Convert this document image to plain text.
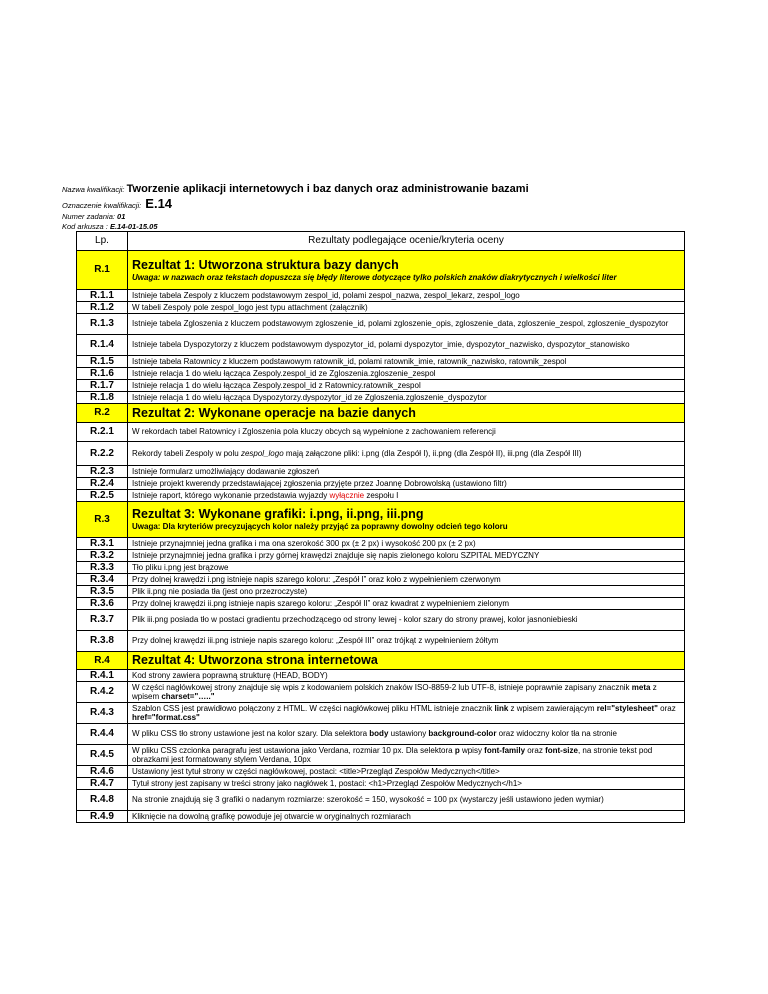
Nazwa kwalifikacji: Tworzenie aplikacji internetowych i baz danych oraz administrowanie bazami
Oznaczenie kwalifikacji: E.14
Numer zadania: 01
Kod arkusza : E.14-01-15.05
Lp.	Rezultaty podlegające ocenie/kryteria oceny
R.1	Rezultat 1: Utworzona struktura bazy danych
Uwaga: w nazwach oraz tekstach dopuszcza się błędy literowe dotyczące tylko polskich znaków diakrytycznych i wielkości liter

R.1.1	Istnieje tabela Zespoly z kluczem podstawowym zespol_id, polami zespol_nazwa, zespol_lekarz, zespol_logo
R.1.2	W tabeli Zespoly pole zespol_logo jest typu attachment (załącznik)
R.1.3	Istnieje tabela Zgloszenia z kluczem podstawowym zgloszenie_id, polami zgloszenie_opis, zgloszenie_data, zgloszenie_zespol, zgloszenie_dyspozytor
R.1.4	Istnieje tabela Dyspozytorzy z kluczem podstawowym dyspozytor_id, polami dyspozytor_imie, dyspozytor_nazwisko, dyspozytor_stanowisko
R.1.5	Istnieje tabela Ratownicy z kluczem podstawowym ratownik_id, polami ratownik_imie, ratownik_nazwisko, ratownik_zespol
R.1.6	Istnieje relacja 1 do wielu łącząca Zespoly.zespol_id ze Zgloszenia.zgloszenie_zespol
R.1.7	Istnieje relacja 1 do wielu łącząca Zespoly.zespol_id z Ratownicy.ratownik_zespol
R.1.8	Istnieje relacja 1 do wielu łącząca Dyspozytorzy.dyspozytor_id ze Zgloszenia.zgloszenie_dyspozytor
R.2	Rezultat 2: Wykonane operacje na bazie danych

R.2.1	W rekordach tabel Ratownicy i Zgloszenia pola kluczy obcych są wypełnione z zachowaniem referencji
R.2.2	Rekordy tabeli Zespoly w polu zespol_logo mają załączone pliki: i.png (dla Zespół I), ii.png (dla Zespół II), iii.png (dla Zespół III)
R.2.3	Istnieje formularz umożliwiający dodawanie zgłoszeń
R.2.4	Istnieje projekt kwerendy przedstawiającej zgłoszenia przyjęte przez Joannę Dobrowolską (ustawiono filtr)
R.2.5	Istnieje raport, którego wykonanie przedstawia wyjazdy wyłącznie zespołu I
R.3	Rezultat 3: Wykonane grafiki: i.png, ii.png, iii.png
Uwaga: Dla kryteriów precyzujących kolor należy przyjąć za poprawny dowolny odcień tego koloru

R.3.1	Istnieje przynajmniej jedna grafika i ma ona szerokość 300 px (± 2 px) i wysokość 200 px (± 2 px)
R.3.2	Istnieje przynajmniej jedna grafika i przy górnej krawędzi znajduje się napis zielonego koloru SZPITAL MEDYCZNY
R.3.3	Tło pliku i.png jest brązowe
R.3.4	Przy dolnej krawędzi i.png istnieje napis szarego koloru: „Zespół I” oraz koło z wypełnieniem czerwonym
R.3.5	Plik ii.png nie posiada tła (jest ono przezroczyste)
R.3.6	Przy dolnej krawędzi ii.png istnieje napis szarego koloru: „Zespół II” oraz kwadrat z wypełnieniem zielonym
R.3.7	Plik iii.png posiada tło w postaci gradientu przechodzącego od strony lewej - kolor szary do strony prawej, kolor jasnoniebieski
R.3.8	Przy dolnej krawędzi iii.png istnieje napis szarego koloru: „Zespół III” oraz trójkąt z wypełnieniem żółtym
R.4	Rezultat 4: Utworzona strona internetowa

R.4.1	Kod strony zawiera poprawną strukturę (HEAD, BODY)
R.4.2	W części nagłówkowej strony znajduje się wpis z kodowaniem polskich znaków ISO-8859-2 lub UTF-8, istnieje poprawnie zapisany znacznik meta z wpisem charset="….."
R.4.3	Szablon CSS jest prawidłowo połączony z HTML. W części nagłówkowej pliku HTML istnieje znacznik link z wpisem zawierającym rel="stylesheet" oraz href="format.css"
R.4.4	W pliku CSS tło strony ustawione jest na kolor szary. Dla selektora body ustawiony background-color oraz widoczny kolor tła na stronie
R.4.5	W pliku CSS czcionka paragrafu jest ustawiona jako Verdana, rozmiar 10 px. Dla selektora p wpisy font-family oraz font-size, na stronie tekst pod obrazkami jest formatowany stylem Verdana, 10px
R.4.6	Ustawiony jest tytuł strony w części nagłówkowej, postaci: <title>Przegląd Zespołów Medycznych</title>
R.4.7	Tytuł strony jest zapisany w treści strony jako nagłówek 1, postaci: <h1>Przegląd Zespołów Medycznych</h1>
R.4.8	Na stronie znajdują się 3 grafiki o nadanym rozmiarze: szerokość = 150, wysokość = 100 px (wystarczy jeśli ustawiono jeden wymiar)
R.4.9	Kliknięcie na dowolną grafikę powoduje jej otwarcie w oryginalnych rozmiarach
